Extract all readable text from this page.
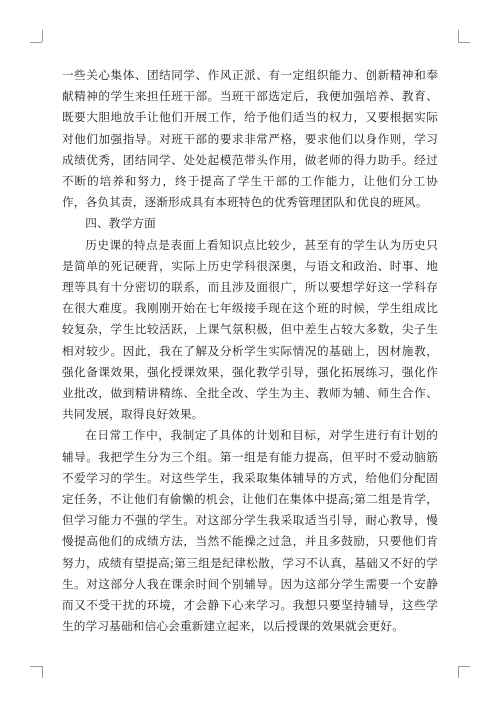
一些关心集体、团结同学、作风正派、有一定组织能力、创新精神和奉献精神的学生来担任班干部。当班干部选定后，我便加强培养、教育、既要大胆地放手让他们开展工作，给予他们适当的权力，又要根据实际对他们加强指导。对班干部的要求非常严格，要求他们以身作则，学习成绩优秀，团结同学、处处起模范带头作用，做老师的得力助手。经过不断的培养和努力，终于提高了学生干部的工作能力，让他们分工协作，各负其责，逐渐形成具有本班特色的优秀管理团队和优良的班风。

四、教学方面

历史课的特点是表面上看知识点比较少，甚至有的学生认为历史只是简单的死记硬背，实际上历史学科很深奥，与语文和政治、时事、地理等具有十分密切的联系，而且涉及面很广，所以要想学好这一学科存在很大难度。我刚刚开始在七年级接手现在这个班的时候，学生组成比较复杂，学生比较活跃，上课气氛积极，但中差生占较大多数，尖子生相对较少。因此，我在了解及分析学生实际情况的基础上，因材施教，强化备课效果，强化授课效果，强化教学引导，强化拓展练习，强化作业批改，做到精讲精练、全批全改、学生为主、教师为辅、师生合作、共同发展，取得良好效果。

在日常工作中，我制定了具体的计划和目标，对学生进行有计划的辅导。我把学生分为三个组。第一组是有能力提高，但平时不爱动脑筋不爱学习的学生。对这些学生，我采取集体辅导的方式，给他们分配固定任务，不让他们有偷懒的机会，让他们在集体中提高;第二组是肯学，但学习能力不强的学生。对这部分学生我采取适当引导，耐心教导，慢慢提高他们的成绩方法，当然不能操之过急，并且多鼓励，只要他们肯努力，成绩有望提高;第三组是纪律松散，学习不认真，基础又不好的学生。对这部分人我在课余时间个别辅导。因为这部分学生需要一个安静而又不受干扰的环境，才会静下心来学习。我想只要坚持辅导，这些学生的学习基础和信心会重新建立起来，以后授课的效果就会更好。
